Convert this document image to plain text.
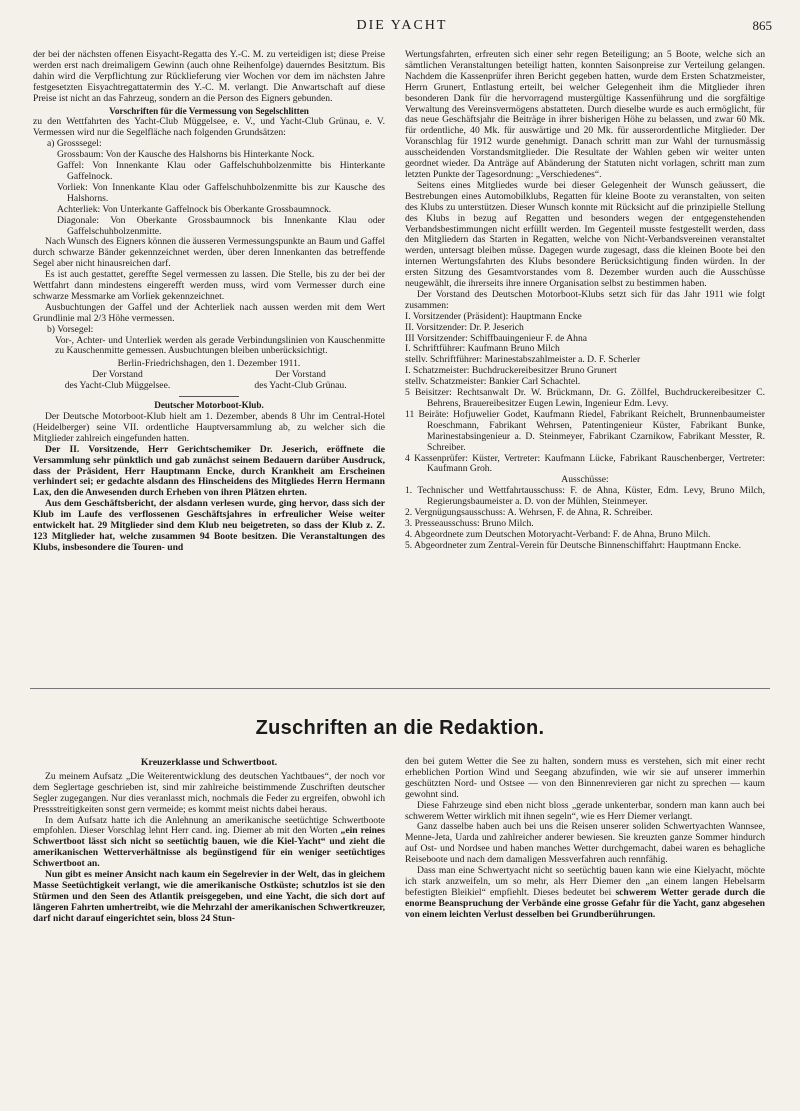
DIE YACHT	865

der bei der nächsten offenen Eisyacht-Regatta des Y.-C. M. zu verteidigen ist; diese Preise werden erst nach dreimaligem Gewinn (auch ohne Reihenfolge) dauerndes Besitztum. Bis dahin wird die Verpflichtung zur Rücklieferung vier Wochen vor dem im nächsten Jahre festgesetzten Eisyachtregattatermin des Y.-C. M. verlangt. Die Anwartschaft auf diese Preise ist nicht an das Fahrzeug, sondern an die Person des Eigners gebunden.

Vorschriften für die Vermessung von Segelschlitten

zu den Wettfahrten des Yacht-Club Müggelsee, e. V., und Yacht-Club Grünau, e. V. Vermessen wird nur die Segelfläche nach folgenden Grundsätzen:

a) Grosssegel:

Grossbaum: Von der Kausche des Halshorns bis Hinterkante Nock.

Gaffel: Von Innenkante Klau oder Gaffelschuhbolzenmitte bis Hinterkante Gaffelnock.

Vorliek: Von Innenkante Klau oder Gaffelschuhbolzenmitte bis zur Kausche des Halshorns.

Achterliek: Von Unterkante Gaffelnock bis Oberkante Grossbaumnock.

Diagonale: Von Oberkante Grossbaumnock bis Innenkante Klau oder Gaffelschuhbolzenmitte.

Nach Wunsch des Eigners können die äusseren Vermessungspunkte an Baum und Gaffel durch schwarze Bänder gekennzeichnet werden, über deren Innenkanten das betreffende Segel aber nicht hinausreichen darf.

Es ist auch gestattet, gereffte Segel vermessen zu lassen. Die Stelle, bis zu der bei der Wettfahrt dann mindestens eingerefft werden muss, wird vom Vermesser durch eine schwarze Messmarke am Vorliek gekennzeichnet.

Ausbuchtungen der Gaffel und der Achterliek nach aussen werden mit dem Wert Grundlinie mal 2/3 Höhe vermessen.

b) Vorsegel:

Vor-, Achter- und Unterliek werden als gerade Verbindungslinien von Kauschenmitte zu Kauschenmitte gemessen. Ausbuchtungen bleiben unberücksichtigt.

Berlin-Friedrichshagen, den 1. Dezember 1911.

Der Vorstand
des Yacht-Club Müggelsee.
Der Vorstand
des Yacht-Club Grünau.

Deutscher Motorboot-Klub.

Der Deutsche Motorboot-Klub hielt am 1. Dezember, abends 8 Uhr im Central-Hotel (Heidelberger) seine VII. ordentliche Hauptversammlung ab, zu welcher sich die Mitglieder zahlreich eingefunden hatten.

Der II. Vorsitzende, Herr Gerichtschemiker Dr. Jeserich, eröffnete die Versammlung sehr pünktlich und gab zunächst seinem Bedauern darüber Ausdruck, dass der Präsident, Herr Hauptmann Encke, durch Krankheit am Erscheinen verhindert sei; er gedachte alsdann des Hinscheidens des Mitgliedes Herrn Hermann Lax, den die Anwesenden durch Erheben von ihren Plätzen ehrten.

Aus dem Geschäftsbericht, der alsdann verlesen wurde, ging hervor, dass sich der Klub im Laufe des verflossenen Geschäftsjahres in erfreulicher Weise weiter entwickelt hat. 29 Mitglieder sind dem Klub neu beigetreten, so dass der Klub z. Z. 123 Mitglieder hat, welche zusammen 94 Boote besitzen. Die Veranstaltungen des Klubs, insbesondere die Touren- und

Wertungsfahrten, erfreuten sich einer sehr regen Beteiligung; an 5 Boote, welche sich an sämtlichen Veranstaltungen beteiligt hatten, konnten Saisonpreise zur Verteilung gelangen. Nachdem die Kassenprüfer ihren Bericht gegeben hatten, wurde dem Ersten Schatzmeister, Herrn Grunert, Entlastung erteilt, bei welcher Gelegenheit ihm die Mitglieder ihren besonderen Dank für die hervorragend mustergültige Kassenführung und die sorgfältige Verwaltung des Vereinsvermögens abstatteten. Durch dieselbe wurde es auch ermöglicht, für das neue Geschäftsjahr die Beiträge in ihrer bisherigen Höhe zu belassen, und zwar 60 Mk. für ordentliche, 40 Mk. für auswärtige und 20 Mk. für ausserordentliche Mitglieder. Der Voranschlag für 1912 wurde genehmigt. Danach schritt man zur Wahl der turnusmässig ausscheidenden Vorstandsmitglieder. Die Resultate der Wahlen geben wir weiter unten geordnet wieder. Da Anträge auf Abänderung der Statuten nicht vorlagen, schritt man zum letzten Punkte der Tagesordnung: „Verschiedenes“.

Seitens eines Mitgliedes wurde bei dieser Gelegenheit der Wunsch geäussert, die Bestrebungen eines Automobilklubs, Regatten für kleine Boote zu veranstalten, von seiten des Klubs zu unterstützen. Dieser Wunsch konnte mit Rücksicht auf die prinzipielle Stellung des Klubs in bezug auf Regatten und besonders wegen der entgegenstehenden Verbandsbestimmungen nicht erfüllt werden. Im Gegenteil musste festgestellt werden, dass den Mitgliedern das Starten in Regatten, welche von Nicht-Verbandsvereinen veranstaltet werden, untersagt bleiben müsse. Dagegen wurde zugesagt, dass die kleinen Boote bei den internen Wertungsfahrten des Klubs besondere Berücksichtigung finden würden. In der ersten Sitzung des Gesamtvorstandes vom 8. Dezember wurden auch die Ausschüsse neugewählt, die ihrerseits ihre innere Organisation selbst zu bestimmen haben.

Der Vorstand des Deutschen Motorboot-Klubs setzt sich für das Jahr 1911 wie folgt zusammen:

I. Vorsitzender (Präsident): Hauptmann Encke

II. Vorsitzender: Dr. P. Jeserich

III Vorsitzender: Schiffbauingenieur F. de Ahna

I. Schriftführer: Kaufmann Bruno Milch

stellv. Schriftführer: Marinestabszahlmeister a. D. F. Scherler

I. Schatzmeister: Buchdruckereibesitzer Bruno Grunert

stellv. Schatzmeister: Bankier Carl Schachtel.

5 Beisitzer: Rechtsanwalt Dr. W. Brückmann, Dr. G. Zöllfel, Buchdruckereibesitzer C. Behrens, Brauereibesitzer Eugen Lewin, Ingenieur Edm. Levy.

11 Beiräte: Hofjuwelier Godet, Kaufmann Riedel, Fabrikant Reichelt, Brunnenbaumeister Roeschmann, Fabrikant Wehrsen, Patentingenieur Küster, Fabrikant Bunke, Marinestabsingenieur a. D. Steinmeyer, Fabrikant Czarnikow, Fabrikant Messter, R. Schreiber.

4 Kassenprüfer: Küster, Vertreter: Kaufmann Lücke, Fabrikant Rauschenberger, Vertreter: Kaufmann Groh.

Ausschüsse:

1. Technischer und Wettfahrtausschuss: F. de Ahna, Küster, Edm. Levy, Bruno Milch, Regierungsbaumeister a. D. von der Mühlen, Steinmeyer.

2. Vergnügungsausschuss: A. Wehrsen, F. de Ahna, R. Schreiber.

3. Presseausschuss: Bruno Milch.

4. Abgeordnete zum Deutschen Motoryacht-Verband: F. de Ahna, Bruno Milch.

5. Abgeordneter zum Zentral-Verein für Deutsche Binnenschiffahrt: Hauptmann Encke.

Zuschriften an die Redaktion.

Kreuzerklasse und Schwertboot.

Zu meinem Aufsatz „Die Weiterentwicklung des deutschen Yachtbaues“, der noch vor dem Seglertage geschrieben ist, sind mir zahlreiche beistimmende Zuschriften deutscher Segler zugegangen. Nur dies veranlasst mich, nochmals die Feder zu ergreifen, obwohl ich Pressstreitigkeiten sonst gern vermeide; es kommt meist nichts dabei heraus.

In dem Aufsatz hatte ich die Anlehnung an amerikanische seetüchtige Schwertboote empfohlen. Dieser Vorschlag lehnt Herr cand. ing. Diemer ab mit den Worten „ein reines Schwertboot lässt sich nicht so seetüchtig bauen, wie die Kiel-Yacht“ und zieht die amerikanischen Wetterverhältnisse als begünstigend für ein weniger seetüchtiges Schwertboot an.

Nun gibt es meiner Ansicht nach kaum ein Segelrevier in der Welt, das in gleichem Masse Seetüchtigkeit verlangt, wie die amerikanische Ostküste; schutzlos ist sie den Stürmen und den Seen des Atlantik preisgegeben, und eine Yacht, die sich dort auf längeren Fahrten umhertreibt, wie die Mehrzahl der amerikanischen Schwertkreuzer, darf nicht darauf eingerichtet sein, bloss 24 Stun-

den bei gutem Wetter die See zu halten, sondern muss es verstehen, sich mit einer recht erheblichen Portion Wind und Seegang abzufinden, wie wir sie auf unserer immerhin geschützten Nord- und Ostsee — von den Binnenrevieren gar nicht zu sprechen — kaum gewohnt sind.

Diese Fahrzeuge sind eben nicht bloss „gerade unkenterbar, sondern man kann auch bei schwerem Wetter wirklich mit ihnen segeln“, wie es Herr Diemer verlangt.

Ganz dasselbe haben auch bei uns die Reisen unserer soliden Schwertyachten Wannsee, Menne-Jeta, Uarda und zahlreicher anderer bewiesen. Sie kreuzten ganze Sommer hindurch auf Ost- und Nordsee und haben manches Wetter durchgemacht, dabei waren es behagliche Reiseboote und nach dem damaligen Messverfahren auch rennfähig.

Dass man eine Schwertyacht nicht so seetüchtig bauen kann wie eine Kielyacht, möchte ich stark anzweifeln, um so mehr, als Herr Diemer den „an einem langen Hebelsarm befestigten Bleikiel“ empfiehlt. Dieses bedeutet bei schwerem Wetter gerade durch die enorme Beanspruchung der Verbände eine grosse Gefahr für die Yacht, ganz abgesehen von einem leichten Verlust desselben bei Grundberührungen.
